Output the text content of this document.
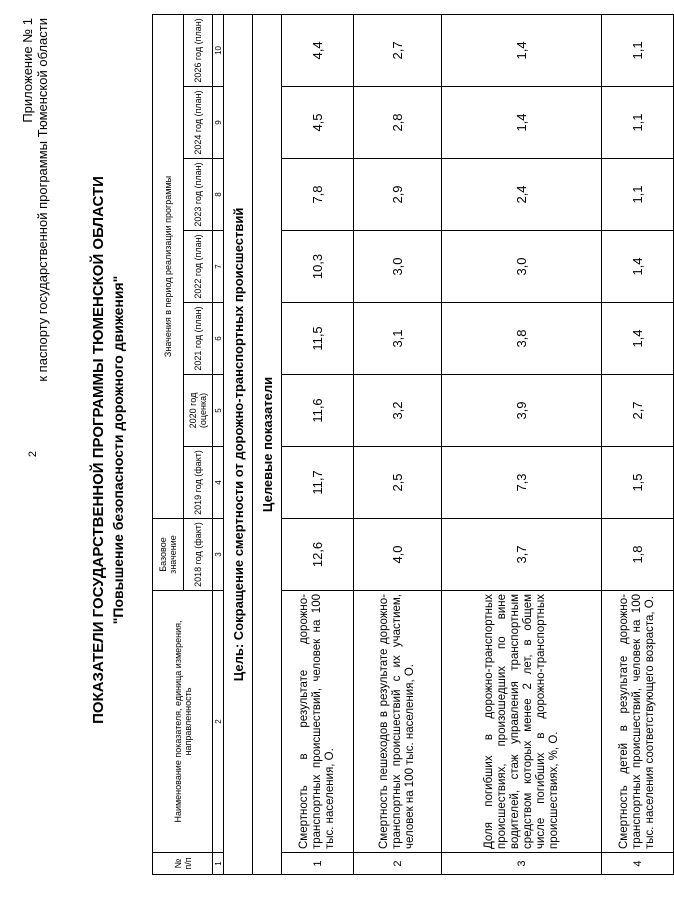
2
Приложение № 1 к паспорту государственной программы Тюменской области	ПОКАЗАТЕЛИ ГОСУДАРСТВЕННОЙ ПРОГРАММЫ ТЮМЕНСКОЙ ОБЛАСТИ "Повышение безопасности дорожного движения"
№ п/п	Наименование показателя, единица измерения, направленность	Базовое значение	Значения в период реализации программы						
		2018 год (факт)	2019 год (факт)	2020 год (оценка)	2021 год (план)	2022 год (план)	2023 год (план)	2024 год (план)	2026 год (план)
1	2	3	4	5	6	7	8	9	10
Цель: Сокращение смертности от дорожно-транспортных происшествий									
Целевые показатели									
1	Смертность в результате дорожно-транспортных происшествий, человек на 100 тыс. населения, О.	12,6	11,7	11,6	11,5	10,3	7,8	4,5	4,4
2	Смертность пешеходов в результате дорожно-транспортных происшествий с их участием, человек на 100 тыс. населения, О.	4,0	2,5	3,2	3,1	3,0	2,9	2,8	2,7
3	Доля погибших в дорожно-транспортных происшествиях, произошедших по вине водителей, стаж управления транспортным средством которых менее 2 лет, в общем числе погибших в дорожно-транспортных происшествиях, %, О.	3,7	7,3	3,9	3,8	3,0	2,4	1,4	1,4
4	Смертность детей в результате дорожно-транспортных происшествий, человек на 100 тыс. населения соответствующего возраста, О.	1,8	1,5	2,7	1,4	1,4	1,1	1,1	1,1
